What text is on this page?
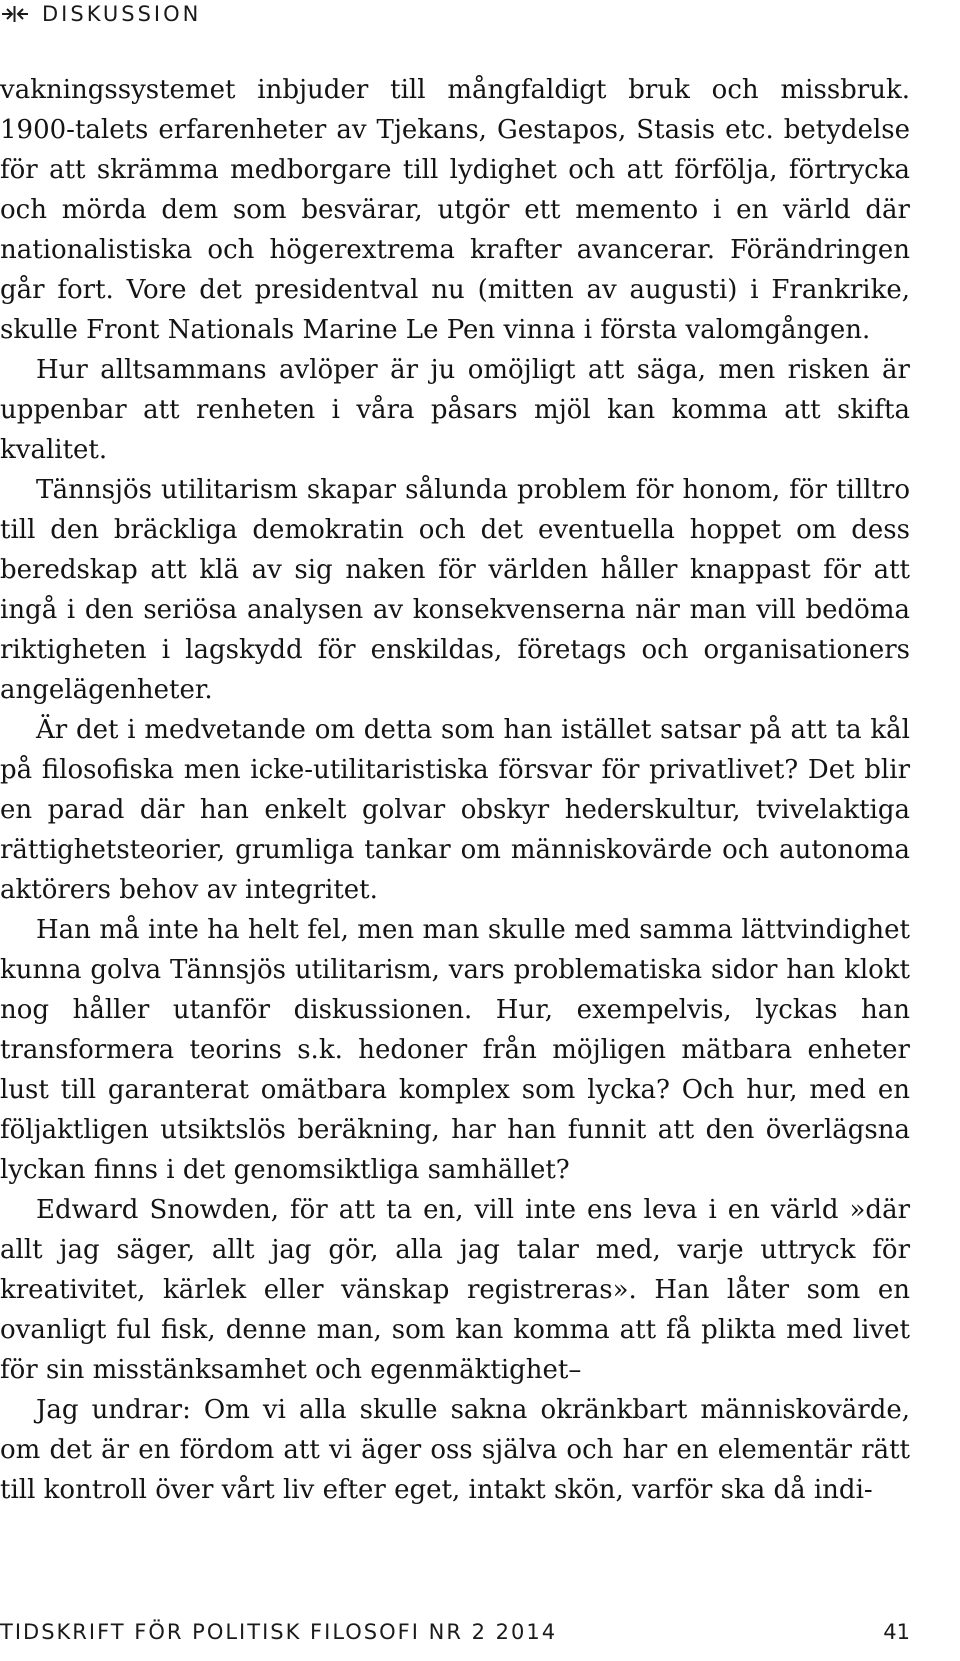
DISKUSSION

vakningssystemet inbjuder till mångfaldigt bruk och missbruk. 1900-talets erfarenheter av Tjekans, Gestapos, Stasis etc. betydelse för att skrämma medborgare till lydighet och att förfölja, förtrycka och mörda dem som besvärar, utgör ett memento i en värld där nationalistiska och högerextrema krafter avancerar. Förändringen går fort. Vore det presidentval nu (mitten av augusti) i Frankrike, skulle Front Nationals Marine Le Pen vinna i första valomgången.

Hur alltsammans avlöper är ju omöjligt att säga, men risken är uppenbar att renheten i våra påsars mjöl kan komma att skifta kvalitet.

Tännsjös utilitarism skapar sålunda problem för honom, för tilltro till den bräckliga demokratin och det eventuella hoppet om dess beredskap att klä av sig naken för världen håller knappast för att ingå i den seriösa analysen av konsekvenserna när man vill bedöma riktigheten i lagskydd för enskildas, företags och organisationers angelägenheter.

Är det i medvetande om detta som han istället satsar på att ta kål på filosofiska men icke-utilitaristiska försvar för privatlivet? Det blir en parad där han enkelt golvar obskyr hederskultur, tvivelaktiga rättighetsteorier, grumliga tankar om människovärde och autonoma aktörers behov av integritet.

Han må inte ha helt fel, men man skulle med samma lättvindighet kunna golva Tännsjös utilitarism, vars problematiska sidor han klokt nog håller utanför diskussionen. Hur, exempelvis, lyckas han transformera teorins s.k. hedoner från möjligen mätbara enheter lust till garanterat omätbara komplex som lycka? Och hur, med en följaktligen utsiktslös beräkning, har han funnit att den överlägsna lyckan finns i det genomsiktliga samhället?

Edward Snowden, för att ta en, vill inte ens leva i en värld »där allt jag säger, allt jag gör, alla jag talar med, varje uttryck för kreativitet, kärlek eller vänskap registreras». Han låter som en ovanligt ful fisk, denne man, som kan komma att få plikta med livet för sin misstänksamhet och egenmäktighet–

Jag undrar: Om vi alla skulle sakna okränkbart människovärde, om det är en fördom att vi äger oss själva och har en elementär rätt till kontroll över vårt liv efter eget, intakt skön, varför ska då indi-

TIDSKRIFT FÖR POLITISK FILOSOFI NR 2 2014	41
